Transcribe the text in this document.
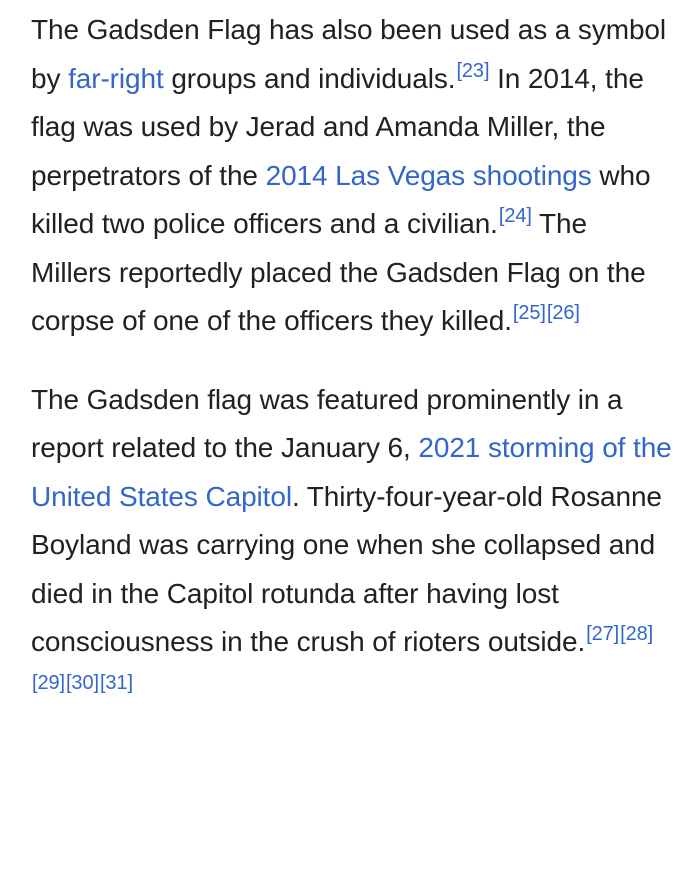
The Gadsden Flag has also been used as a symbol by far-right groups and individuals.[23] In 2014, the flag was used by Jerad and Amanda Miller, the perpetrators of the 2014 Las Vegas shootings who killed two police officers and a civilian.[24] The Millers reportedly placed the Gadsden Flag on the corpse of one of the officers they killed.[25][26]

The Gadsden flag was featured prominently in a report related to the January 6, 2021 storming of the United States Capitol. Thirty-four-year-old Rosanne Boyland was carrying one when she collapsed and died in the Capitol rotunda after having lost consciousness in the crush of rioters outside.[27][28][29][30][31]
